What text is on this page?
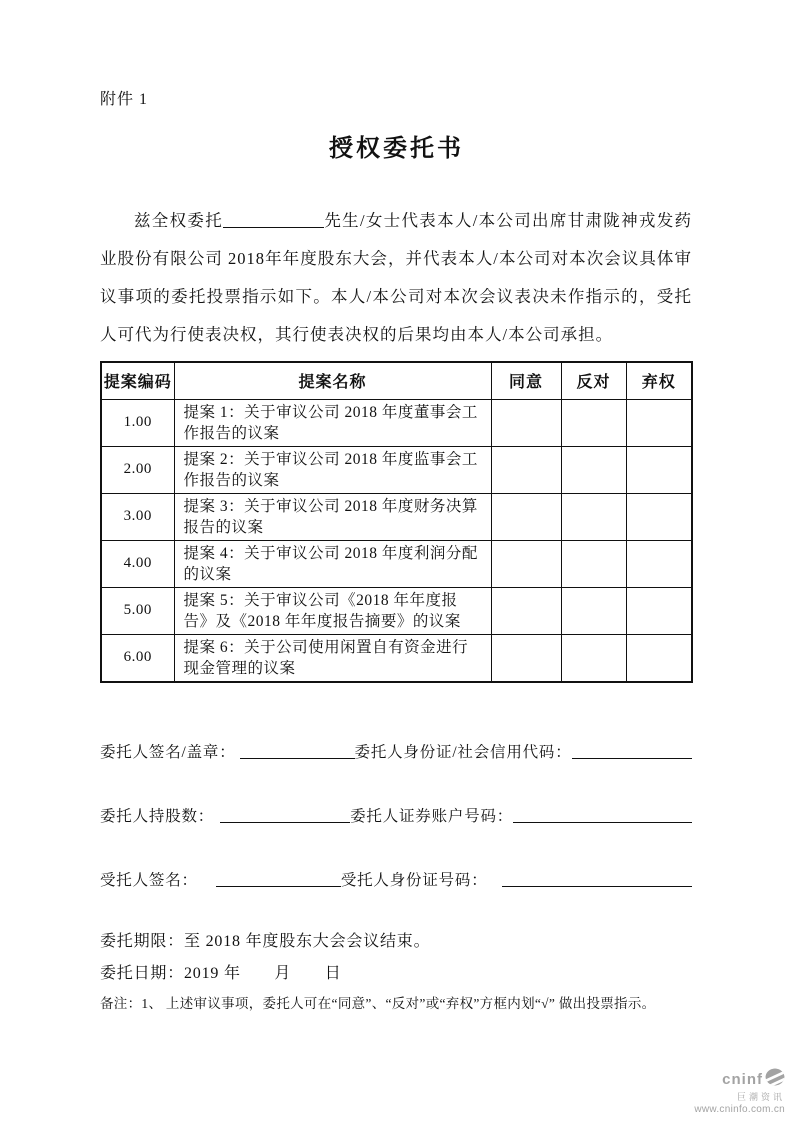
附件 1
授权委托书

兹全权委托	先生/女士代表本人/本公司出席甘肃陇神戎发药业股份有限公司 2018年年度股东大会，并代表本人/本公司对本次会议具体审议事项的委托投票指示如下。本人/本公司对本次会议表决未作指示的，受托人可代为行使表决权，其行使表决权的后果均由本人/本公司承担。

提案编码	提案名称	同意	反对	弃权
1.00	提案 1：关于审议公司 2018 年度董事会工作报告的议案			
2.00	提案 2：关于审议公司 2018 年度监事会工作报告的议案			
3.00	提案 3：关于审议公司 2018 年度财务决算报告的议案			
4.00	提案 4：关于审议公司 2018 年度利润分配的议案			
5.00	提案 5：关于审议公司《2018 年年度报告》及《2018 年年度报告摘要》的议案			
6.00	提案 6：关于公司使用闲置自有资金进行现金管理的议案			
委托人签名/盖章：	委托人身份证/社会信用代码：
委托人持股数：	委托人证券账户号码：
受托人签名：	受托人身份证号码：
委托期限：至 2018 年度股东大会会议结束。
委托日期：2019 年　　月　　日
备注：1、 上述审议事项，委托人可在“同意”、“反对”或“弃权”方框内划“√” 做出投票指示。
cninf
巨潮资讯
www.cninfo.com.cn
